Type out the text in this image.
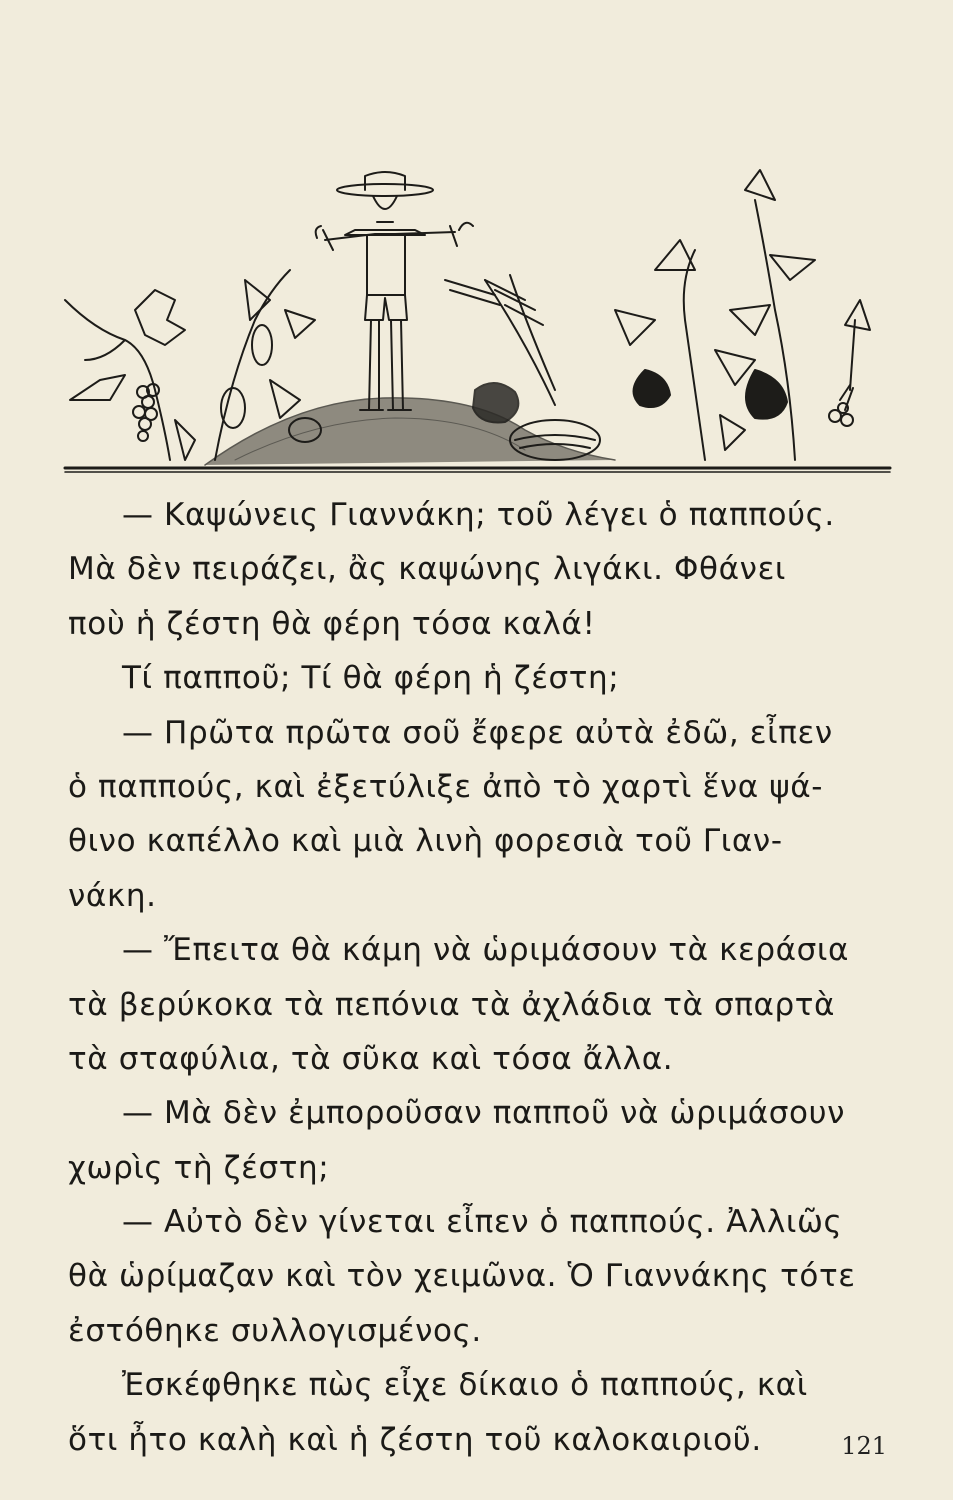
— Καψώνεις Γιαννάκη; τοῦ λέγει ὁ παππούς.
Μὰ δὲν πειράζει, ἂς καψώνης λιγάκι. Φθάνει
ποὺ ἡ ζέστη θὰ φέρη τόσα καλά!
Τί παπποῦ; Τί θὰ φέρη ἡ ζέστη;
— Πρῶτα πρῶτα σοῦ ἔφερε αὐτὰ ἐδῶ, εἶπεν
ὁ παππούς, καὶ ἐξετύλιξε ἀπὸ τὸ χαρτὶ ἕνα ψά-
θινο καπέλλο καὶ μιὰ λινὴ φορεσιὰ τοῦ Γιαν-
νάκη.
— Ἔπειτα θὰ κάμη νὰ ὡριμάσουν τὰ κεράσια
τὰ βερύκοκα τὰ πεπόνια τὰ ἀχλάδια τὰ σπαρτὰ
τὰ σταφύλια, τὰ σῦκα καὶ τόσα ἄλλα.
— Μὰ δὲν ἐμποροῦσαν παπποῦ νὰ ὡριμάσουν
χωρὶς τὴ ζέστη;
— Αὐτὸ δὲν γίνεται εἶπεν ὁ παππούς. Ἀλλιῶς
θὰ ὡρίμαζαν καὶ τὸν χειμῶνα. Ὁ Γιαννάκης τότε
ἐστόθηκε συλλογισμένος.
Ἐσκέφθηκε πὼς εἶχε δίκαιο ὁ παππούς, καὶ
ὅτι ἦτο καλὴ καὶ ἡ ζέστη τοῦ καλοκαιριοῦ.	121
